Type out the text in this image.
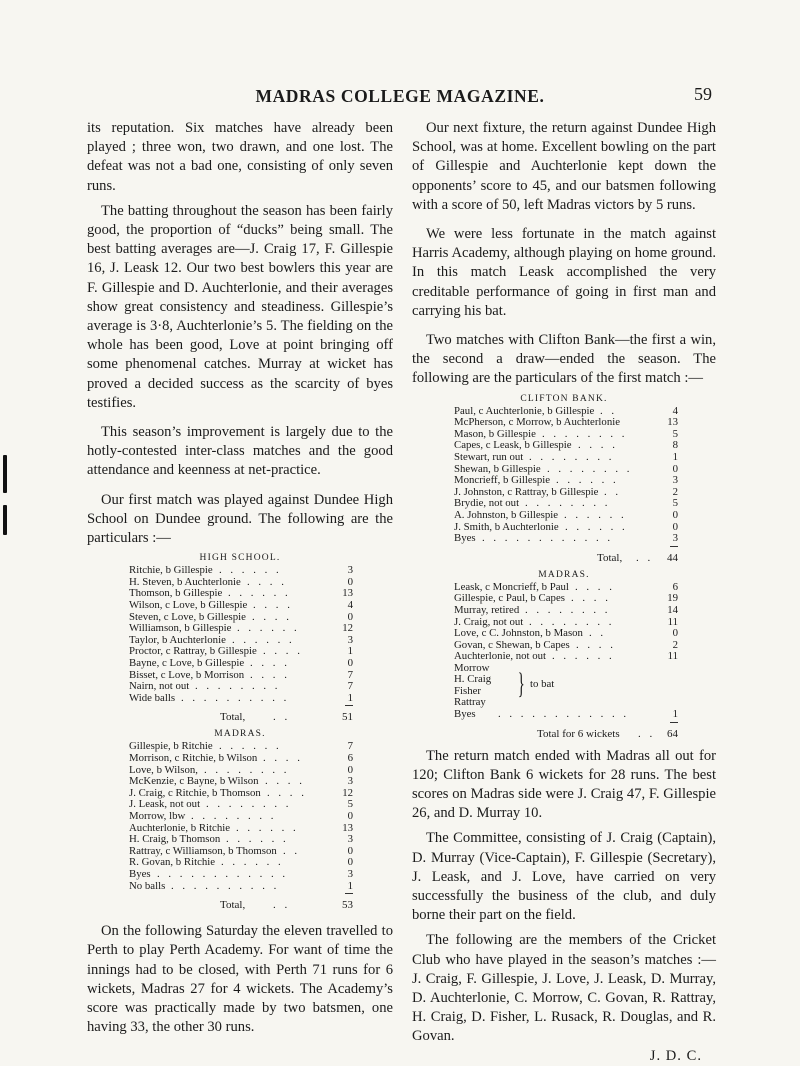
MADRAS COLLEGE MAGAZINE.	59

its reputation. Six matches have already been played ; three won, two drawn, and one lost. The defeat was not a bad one, consisting of only seven runs.

The batting throughout the season has been fairly good, the proportion of “ducks” being small. The best batting averages are—J. Craig 17, F. Gillespie 16, J. Leask 12. Our two best bowlers this year are F. Gillespie and D. Auchterlonie, and their averages show great consistency and steadiness. Gillespie’s average is 3·8, Auchterlonie’s 5. The fielding on the whole has been good, Love at point bringing off some phenomenal catches. Murray at wicket has proved a decided success as the scarcity of byes testifies.

This season’s improvement is largely due to the hotly-contested inter-class matches and the good attendance and keenness at net-practice.

Our first match was played against Dundee High School on Dundee ground. The following are the particulars :—

HIGH SCHOOL.
Ritchie, b Gillespie . . . . . .	3
H. Steven, b Auchterlonie . . . .	0
Thomson, b Gillespie . . . . . .	13
Wilson, c Love, b Gillespie . . . .	4
Steven, c Love, b Gillespie . . . .	0
Williamson, b Gillespie . . . . . .	12
Taylor, b Auchterlonie . . . . . .	3
Proctor, c Rattray, b Gillespie . . . .	1
Bayne, c Love, b Gillespie . . . .	0
Bisset, c Love, b Morrison . . . .	7
Nairn, not out . . . . . . . .	7
Wide balls . . . . . . . . . .	1
Total,	. .	51
MADRAS.
Gillespie, b Ritchie . . . . . .	7
Morrison, c Ritchie, b Wilson . . . .	6
Love, b Wilson, . . . . . . . .	0
McKenzie, c Bayne, b Wilson . . . .	3
J. Craig, c Ritchie, b Thomson . . . .	12
J. Leask, not out . . . . . . . .	5
Morrow, lbw . . . . . . . .	0
Auchterlonie, b Ritchie . . . . . .	13
H. Craig, b Thomson . . . . . .	3
Rattray, c Williamson, b Thomson . .	0
R. Govan, b Ritchie . . . . . .	0
Byes . . . . . . . . . . . .	3
No balls . . . . . . . . . .	1
Total,	. .	53

On the following Saturday the eleven travelled to Perth to play Perth Academy. For want of time the innings had to be closed, with Perth 71 runs for 6 wickets, Madras 27 for 4 wickets. The Academy’s score was practically made by two batsmen, one having 33, the other 30 runs.

Our next fixture, the return against Dundee High School, was at home. Excellent bowling on the part of Gillespie and Auchterlonie kept down the opponents’ score to 45, and our batsmen following with a score of 50, left Madras victors by 5 runs.

We were less fortunate in the match against Harris Academy, although playing on home ground. In this match Leask accomplished the very creditable performance of going in first man and carrying his bat.

Two matches with Clifton Bank—the first a win, the second a draw—ended the season. The following are the particulars of the first match :—

CLIFTON BANK.
Paul, c Auchterlonie, b Gillespie . .	4
McPherson, c Morrow, b Auchterlonie	13
Mason, b Gillespie . . . . . . . .	5
Capes, c Leask, b Gillespie . . . .	8
Stewart, run out . . . . . . . .	1
Shewan, b Gillespie . . . . . . . .	0
Moncrieff, b Gillespie . . . . . .	3
J. Johnston, c Rattray, b Gillespie . .	2
Brydie, not out . . . . . . . .	5
A. Johnston, b Gillespie . . . . . .	0
J. Smith, b Auchterlonie . . . . . .	0
Byes . . . . . . . . . . . .	3
Total, . . 44
MADRAS.
Leask, c Moncrieff, b Paul . . . .	6
Gillespie, c Paul, b Capes . . . .	19
Murray, retired . . . . . . . .	14
J. Craig, not out . . . . . . . .	11
Love, c C. Johnston, b Mason . .	0
Govan, c Shewan, b Capes . . . .	2
Auchterlonie, not out . . . . . .	11
Morrow
H. Craig
Fisher
Rattray
} to bat
Byes . . . . . . . . . . . .	1
Total for 6 wickets . . 64

The return match ended with Madras all out for 120; Clifton Bank 6 wickets for 28 runs. The best scores on Madras side were J. Craig 47, F. Gillespie 26, and D. Murray 10.

The Committee, consisting of J. Craig (Captain), D. Murray (Vice-Captain), F. Gillespie (Secretary), J. Leask, and J. Love, have carried on very successfully the business of the club, and duly borne their part on the field.

The following are the members of the Cricket Club who have played in the season’s matches :— J. Craig, F. Gillespie, J. Love, J. Leask, D. Murray, D. Auchterlonie, C. Morrow, C. Govan, R. Rattray, H. Craig, D. Fisher, L. Rusack, R. Douglas, and R. Govan.

J. D. C.
